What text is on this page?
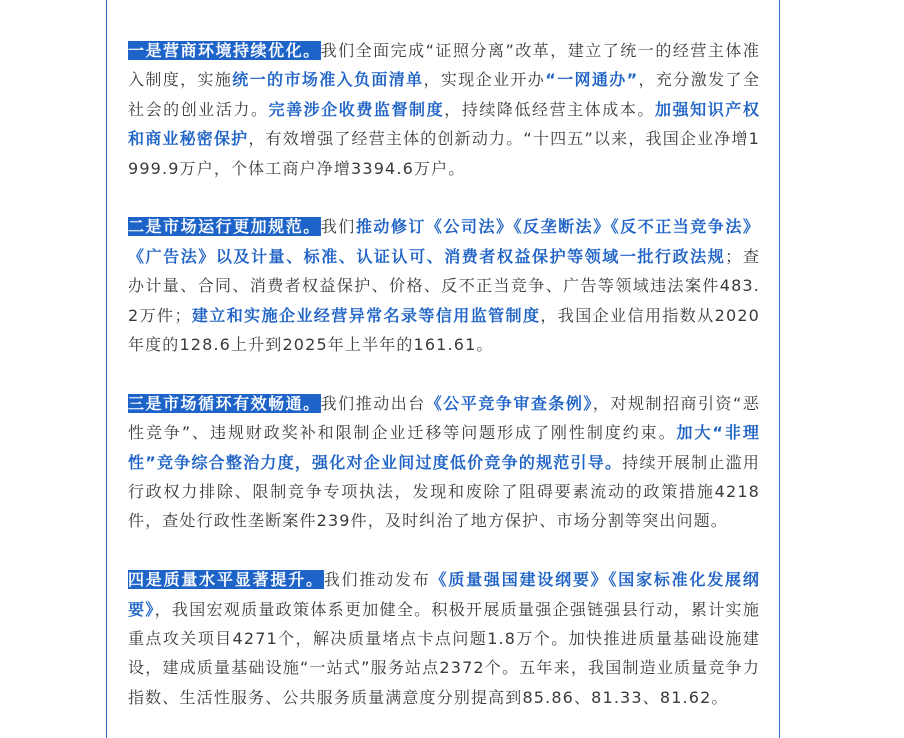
一是营商环境持续优化。我们全面完成“证照分离”改革，建立了统一的经营主体准入制度，实施统一的市场准入负面清单，实现企业开办“一网通办”，充分激发了全社会的创业活力。完善涉企收费监督制度，持续降低经营主体成本。加强知识产权和商业秘密保护，有效增强了经营主体的创新动力。“十四五”以来，我国企业净增1999.9万户，个体工商户净增3394.6万户。

二是市场运行更加规范。我们推动修订《公司法》《反垄断法》《反不正当竞争法》《广告法》以及计量、标准、认证认可、消费者权益保护等领域一批行政法规；查办计量、合同、消费者权益保护、价格、反不正当竞争、广告等领域违法案件483.2万件；建立和实施企业经营异常名录等信用监管制度，我国企业信用指数从2020年度的128.6上升到2025年上半年的161.61。

三是市场循环有效畅通。我们推动出台《公平竞争审查条例》，对规制招商引资“恶性竞争”、违规财政奖补和限制企业迁移等问题形成了刚性制度约束。加大“非理性”竞争综合整治力度，强化对企业间过度低价竞争的规范引导。持续开展制止滥用行政权力排除、限制竞争专项执法，发现和废除了阻碍要素流动的政策措施4218件，查处行政性垄断案件239件，及时纠治了地方保护、市场分割等突出问题。

四是质量水平显著提升。我们推动发布《质量强国建设纲要》《国家标准化发展纲要》，我国宏观质量政策体系更加健全。积极开展质量强企强链强县行动，累计实施重点攻关项目4271个，解决质量堵点卡点问题1.8万个。加快推进质量基础设施建设，建成质量基础设施“一站式”服务站点2372个。五年来，我国制造业质量竞争力指数、生活性服务、公共服务质量满意度分别提高到85.86、81.33、81.62。
